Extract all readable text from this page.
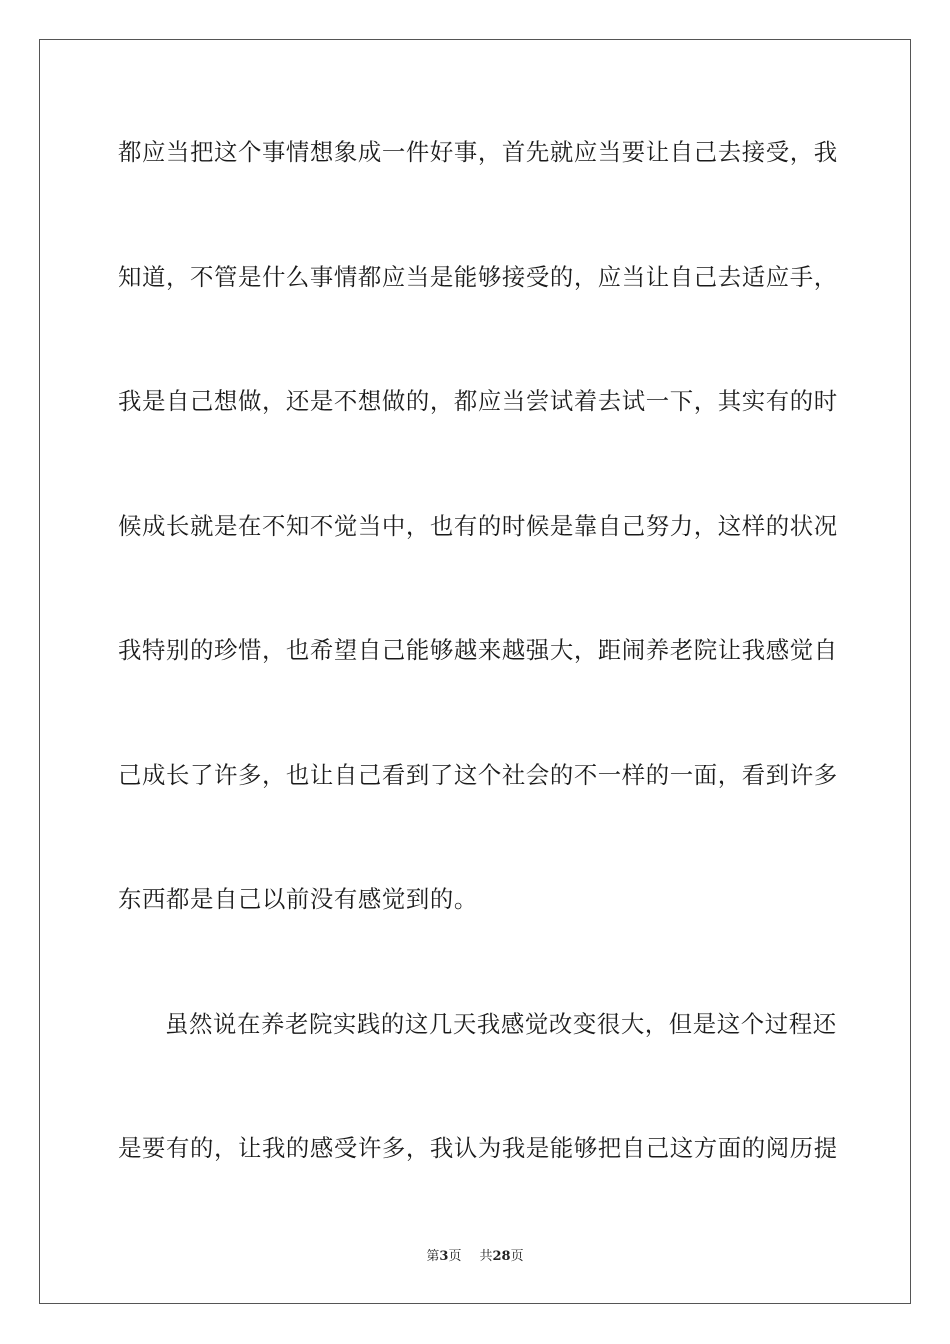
都应当把这个事情想象成一件好事，首先就应当要让自己去接受，我
知道，不管是什么事情都应当是能够接受的，应当让自己去适应手，
我是自己想做，还是不想做的，都应当尝试着去试一下，其实有的时
候成长就是在不知不觉当中，也有的时候是靠自己努力，这样的状况
我特别的珍惜，也希望自己能够越来越强大，距闹养老院让我感觉自
己成长了许多，也让自己看到了这个社会的不一样的一面，看到许多
东西都是自己以前没有感觉到的。
虽然说在养老院实践的这几天我感觉改变很大，但是这个过程还
是要有的，让我的感受许多，我认为我是能够把自己这方面的阅历提
第3页 共28页
